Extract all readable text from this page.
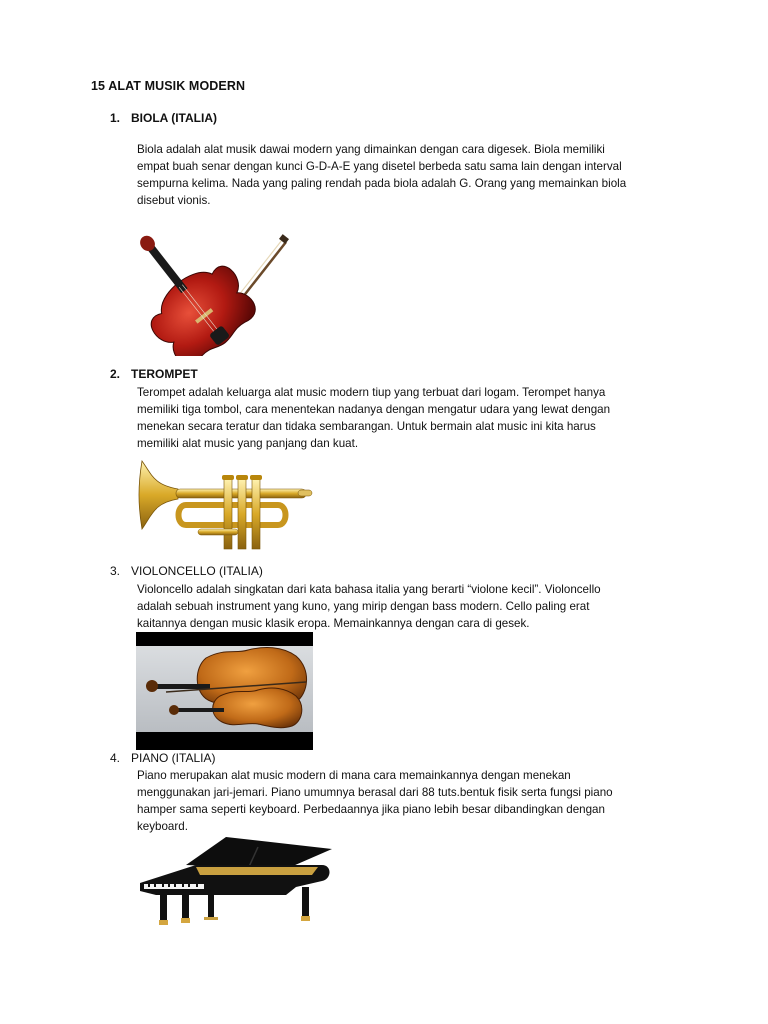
15 ALAT MUSIK MODERN
1. BIOLA (ITALIA)

Biola adalah alat musik dawai modern yang dimainkan dengan cara digesek. Biola memiliki
empat buah senar dengan kunci G-D-A-E yang disetel berbeda satu sama lain dengan interval
sempurna kelima. Nada yang paling rendah pada biola adalah G. Orang yang memainkan biola
disebut vionis.

2. TEROMPET

Terompet adalah keluarga alat music modern tiup yang terbuat dari logam. Terompet hanya
memiliki tiga tombol, cara menentekan nadanya dengan mengatur udara yang lewat dengan
menekan secara teratur dan tidaka sembarangan. Untuk bermain alat music ini kita harus
memiliki alat music yang panjang dan kuat.

3. VIOLONCELLO (ITALIA)

Violoncello adalah singkatan dari kata bahasa italia yang berarti “violone kecil”. Violoncello
adalah sebuah instrument yang kuno, yang mirip dengan bass modern. Cello paling erat
kaitannya dengan music klasik eropa. Memainkannya dengan cara di gesek.

4. PIANO (ITALIA)

Piano merupakan alat music modern di mana cara memainkannya dengan menekan
menggunakan jari-jemari. Piano umumnya berasal dari 88 tuts.bentuk fisik serta fungsi piano
hamper sama seperti keyboard. Perbedaannya jika piano lebih besar dibandingkan dengan
keyboard.
